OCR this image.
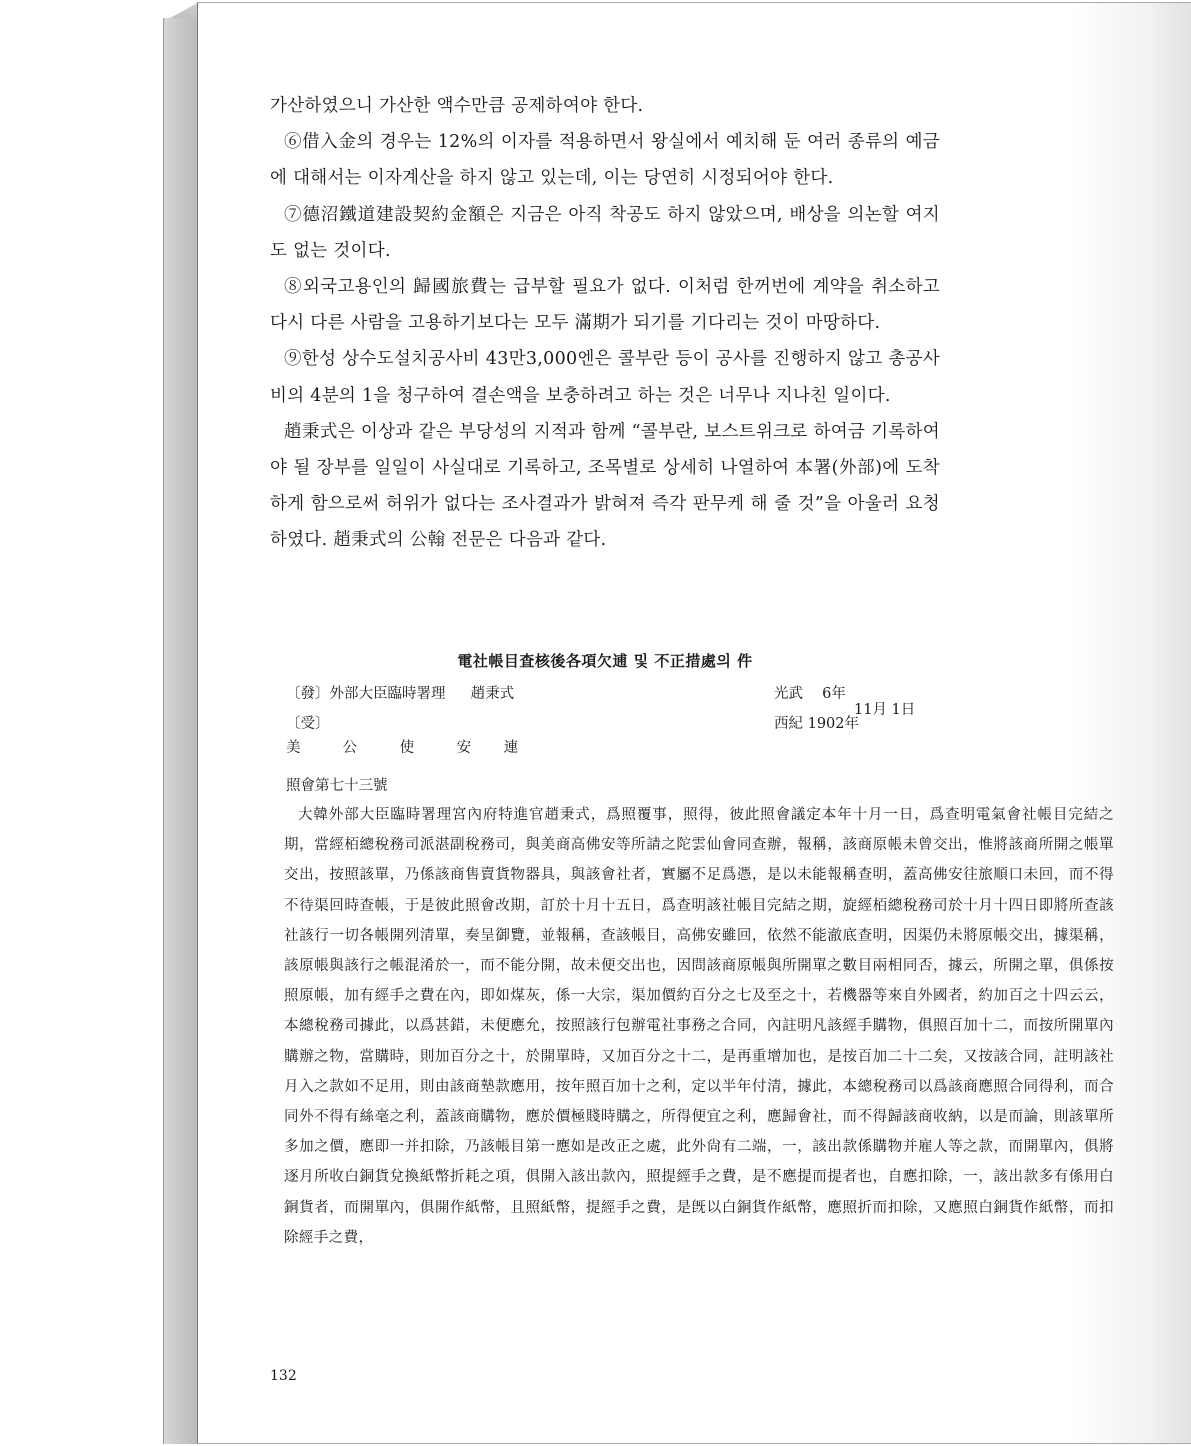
가산하였으니 가산한 액수만큼 공제하여야 한다.

⑥借入金의 경우는 12%의 이자를 적용하면서 왕실에서 예치해 둔 여러 종류의 예금에 대해서는 이자계산을 하지 않고 있는데, 이는 당연히 시정되어야 한다.

⑦德沼鐵道建設契約金額은 지금은 아직 착공도 하지 않았으며, 배상을 의논할 여지도 없는 것이다.

⑧외국고용인의 歸國旅費는 급부할 필요가 없다. 이처럼 한꺼번에 계약을 취소하고 다시 다른 사람을 고용하기보다는 모두 滿期가 되기를 기다리는 것이 마땅하다.

⑨한성 상수도설치공사비 43만3,000엔은 콜부란 등이 공사를 진행하지 않고 총공사비의 4분의 1을 청구하여 결손액을 보충하려고 하는 것은 너무나 지나친 일이다.

趙秉式은 이상과 같은 부당성의 지적과 함께 “콜부란, 보스트위크로 하여금 기록하여야 될 장부를 일일이 사실대로 기록하고, 조목별로 상세히 나열하여 本署(外部)에 도착하게 함으로써 허위가 없다는 조사결과가 밝혀져 즉각 판무케 해 줄 것”을 아울러 요청하였다. 趙秉式의 公翰 전문은 다음과 같다.

電社帳目査核後各項欠逋 및 不正措處의 件
〔發〕外部大臣臨時署理 趙秉式
〔受〕美	公　使　安 連
光武　 6年
西紀 1902年
11月 1日
照會第七十三號

大韓外部大臣臨時署理宮內府特進官趙秉式，爲照覆事，照得，彼此照會議定本年十月一日，爲查明電氣會社帳目完結之期，當經栢總稅務司派湛副稅務司，與美商高佛安等所請之陀雲仙會同查辦，報稱，該商原帳未曾交出，惟將該商所開之帳單交出，按照該單，乃係該商售賣貨物器具，與該會社者，實屬不足爲憑，是以未能報稱查明，蓋高佛安往旅順口未回，而不得不待渠回時查帳，于是彼此照會改期，訂於十月十五日，爲查明該社帳目完結之期，旋經栢總稅務司於十月十四日即將所查該社該行一切各帳開列清單，奏呈御覽，並報稱，查該帳目，高佛安雖回，依然不能澈底查明，因渠仍未將原帳交出，據渠稱，該原帳與該行之帳混淆於一，而不能分開，故未便交出也，因問該商原帳與所開單之數目兩相同否，據云，所開之單，俱係按照原帳，加有經手之費在內，即如煤灰，係一大宗，渠加價約百分之七及至之十，若機器等來自外國者，約加百之十四云云，本總稅務司據此，以爲甚錯，未便應允，按照該行包辦電社事務之合同，內註明凡該經手購物，俱照百加十二，而按所開單內購辦之物，當購時，則加百分之十，於開單時，又加百分之十二，是再重增加也，是按百加二十二矣，又按該合同，註明該社月入之款如不足用，則由該商墊款應用，按年照百加十之利，定以半年付清，據此，本總稅務司以爲該商應照合同得利，而合同外不得有絲毫之利，蓋該商購物，應於價極賤時購之，所得便宜之利，應歸會社，而不得歸該商收納，以是而論，則該單所多加之價，應即一并扣除，乃該帳目第一應如是改正之處，此外尙有二端，一，該出款係購物并雇人等之款，而開單內，俱將逐月所收白銅貨兌換紙幣折耗之項，俱開入該出款內，照提經手之費，是不應提而提者也，自應扣除，一，該出款多有係用白銅貨者，而開單內，俱開作紙幣，且照紙幣，提經手之費，是旣以白銅貨作紙幣，應照折而扣除，又應照白銅貨作紙幣，而扣除經手之費，

132
